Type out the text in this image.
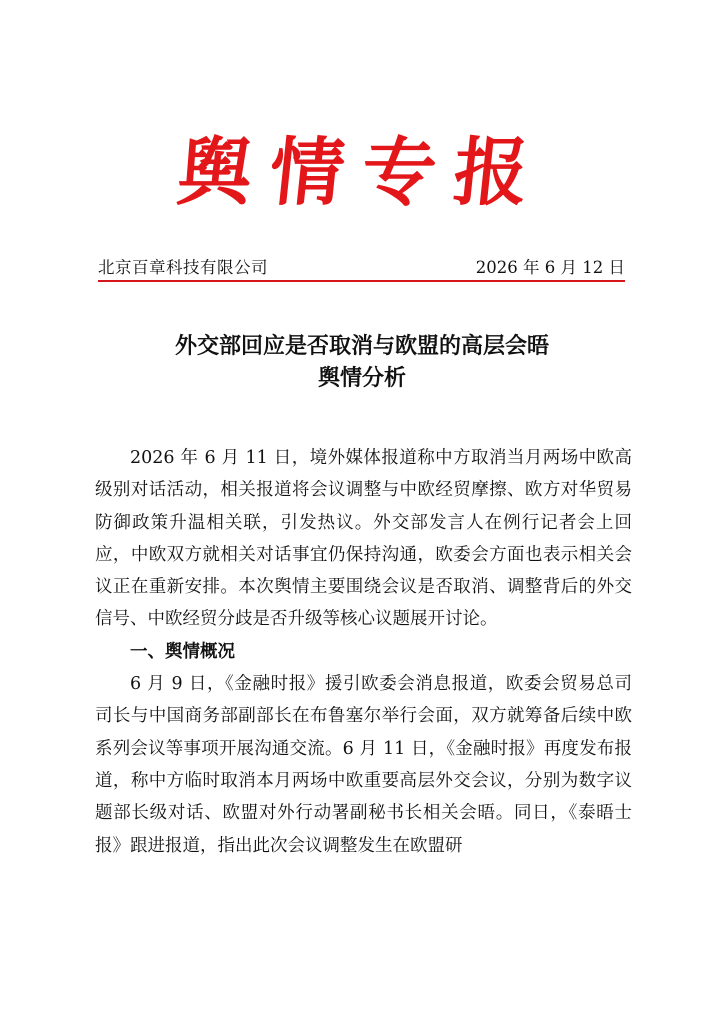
舆情专报
北京百章科技有限公司	2026 年 6 月 12 日
外交部回应是否取消与欧盟的高层会晤
舆情分析

2026 年 6 月 11 日，境外媒体报道称中方取消当月两场中欧高级别对话活动，相关报道将会议调整与中欧经贸摩擦、欧方对华贸易防御政策升温相关联，引发热议。外交部发言人在例行记者会上回应，中欧双方就相关对话事宜仍保持沟通，欧委会方面也表示相关会议正在重新安排。本次舆情主要围绕会议是否取消、调整背后的外交信号、中欧经贸分歧是否升级等核心议题展开讨论。

一、舆情概况

6 月 9 日，《金融时报》援引欧委会消息报道，欧委会贸易总司司长与中国商务部副部长在布鲁塞尔举行会面，双方就筹备后续中欧系列会议等事项开展沟通交流。6 月 11 日，《金融时报》再度发布报道，称中方临时取消本月两场中欧重要高层外交会议，分别为数字议题部长级对话、欧盟对外行动署副秘书长相关会晤。同日，《泰晤士报》跟进报道，指出此次会议调整发生在欧盟研
